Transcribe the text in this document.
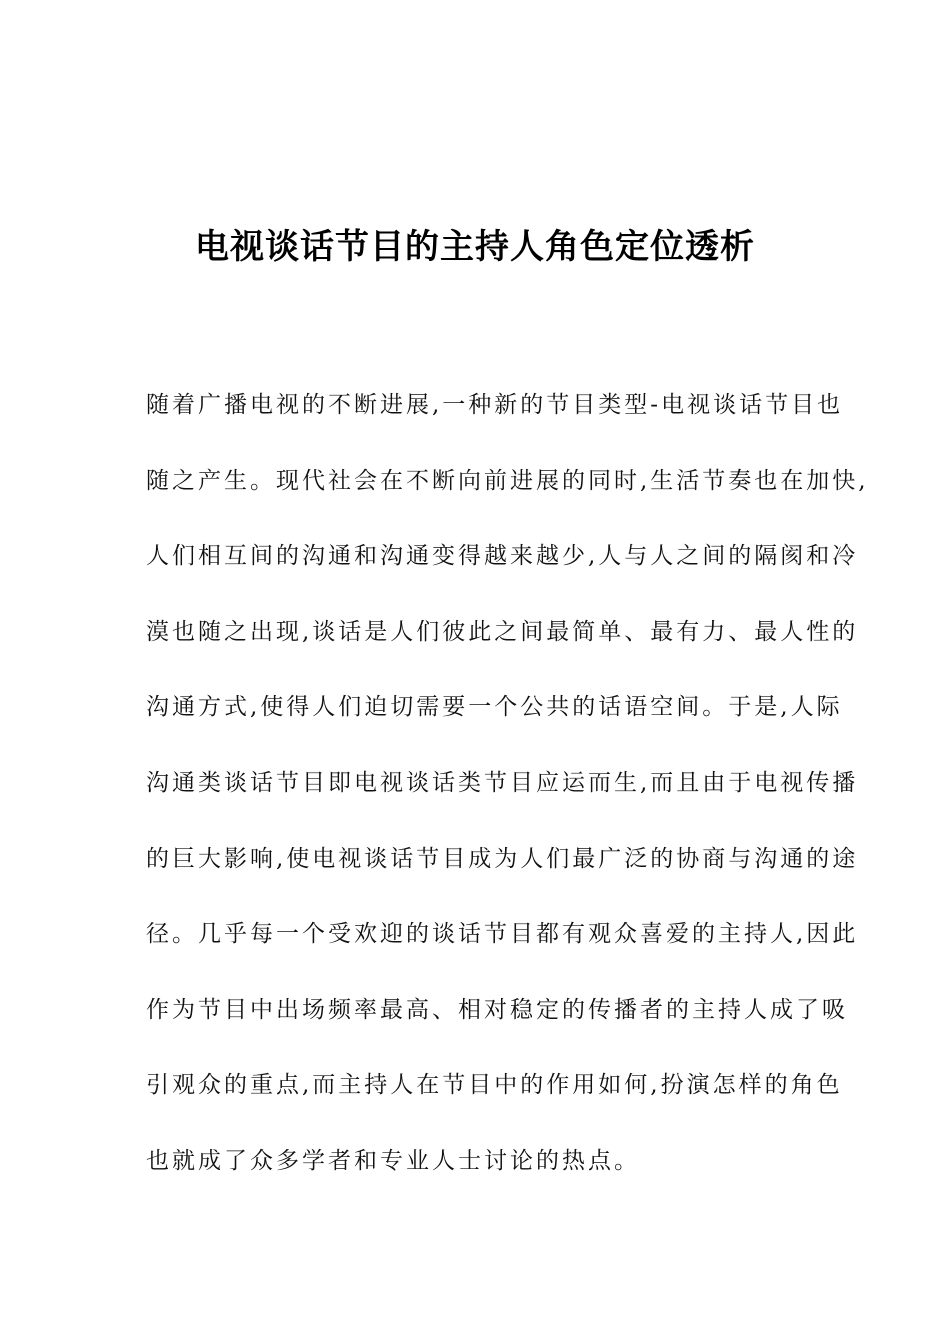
电视谈话节目的主持人角色定位透析
随着广播电视的不断进展,一种新的节目类型-电视谈话节目也
随之产生。现代社会在不断向前进展的同时,生活节奏也在加快,
人们相互间的沟通和沟通变得越来越少,人与人之间的隔阂和冷
漠也随之出现,谈话是人们彼此之间最简单、最有力、最人性的
沟通方式,使得人们迫切需要一个公共的话语空间。于是,人际
沟通类谈话节目即电视谈话类节目应运而生,而且由于电视传播
的巨大影响,使电视谈话节目成为人们最广泛的协商与沟通的途
径。几乎每一个受欢迎的谈话节目都有观众喜爱的主持人,因此
作为节目中出场频率最高、相对稳定的传播者的主持人成了吸
引观众的重点,而主持人在节目中的作用如何,扮演怎样的角色
也就成了众多学者和专业人士讨论的热点。
